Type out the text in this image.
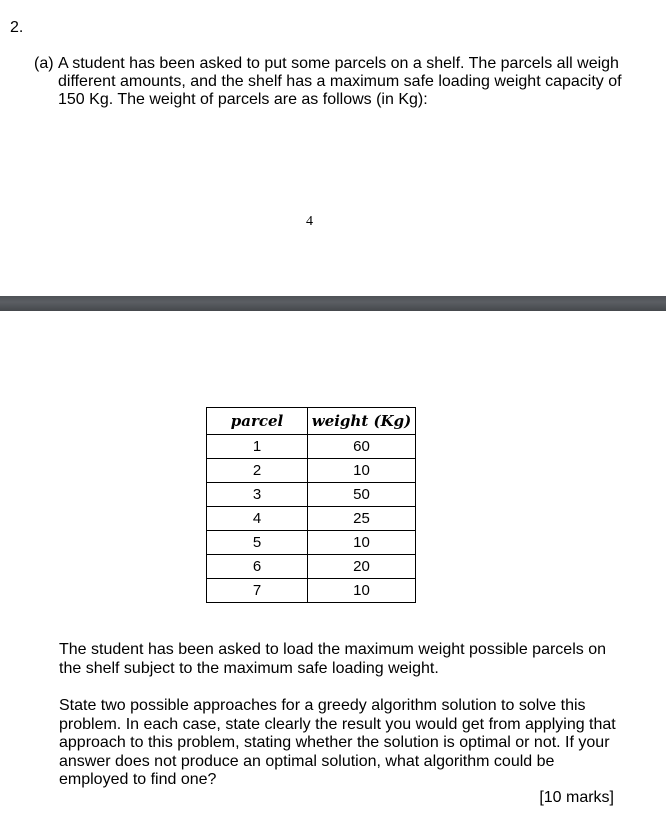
2.
(a) A student has been asked to put some parcels on a shelf. The parcels all weigh different amounts, and the shelf has a maximum safe loading weight capacity of 150 Kg. The weight of parcels are as follows (in Kg):
4
parcel	weight (Kg)
1	60
2	10
3	50
4	25
5	10
6	20
7	10
The student has been asked to load the maximum weight possible parcels on the shelf subject to the maximum safe loading weight.
State two possible approaches for a greedy algorithm solution to solve this problem. In each case, state clearly the result you would get from applying that approach to this problem, stating whether the solution is optimal or not. If your answer does not produce an optimal solution, what algorithm could be employed to find one?
[10 marks]
